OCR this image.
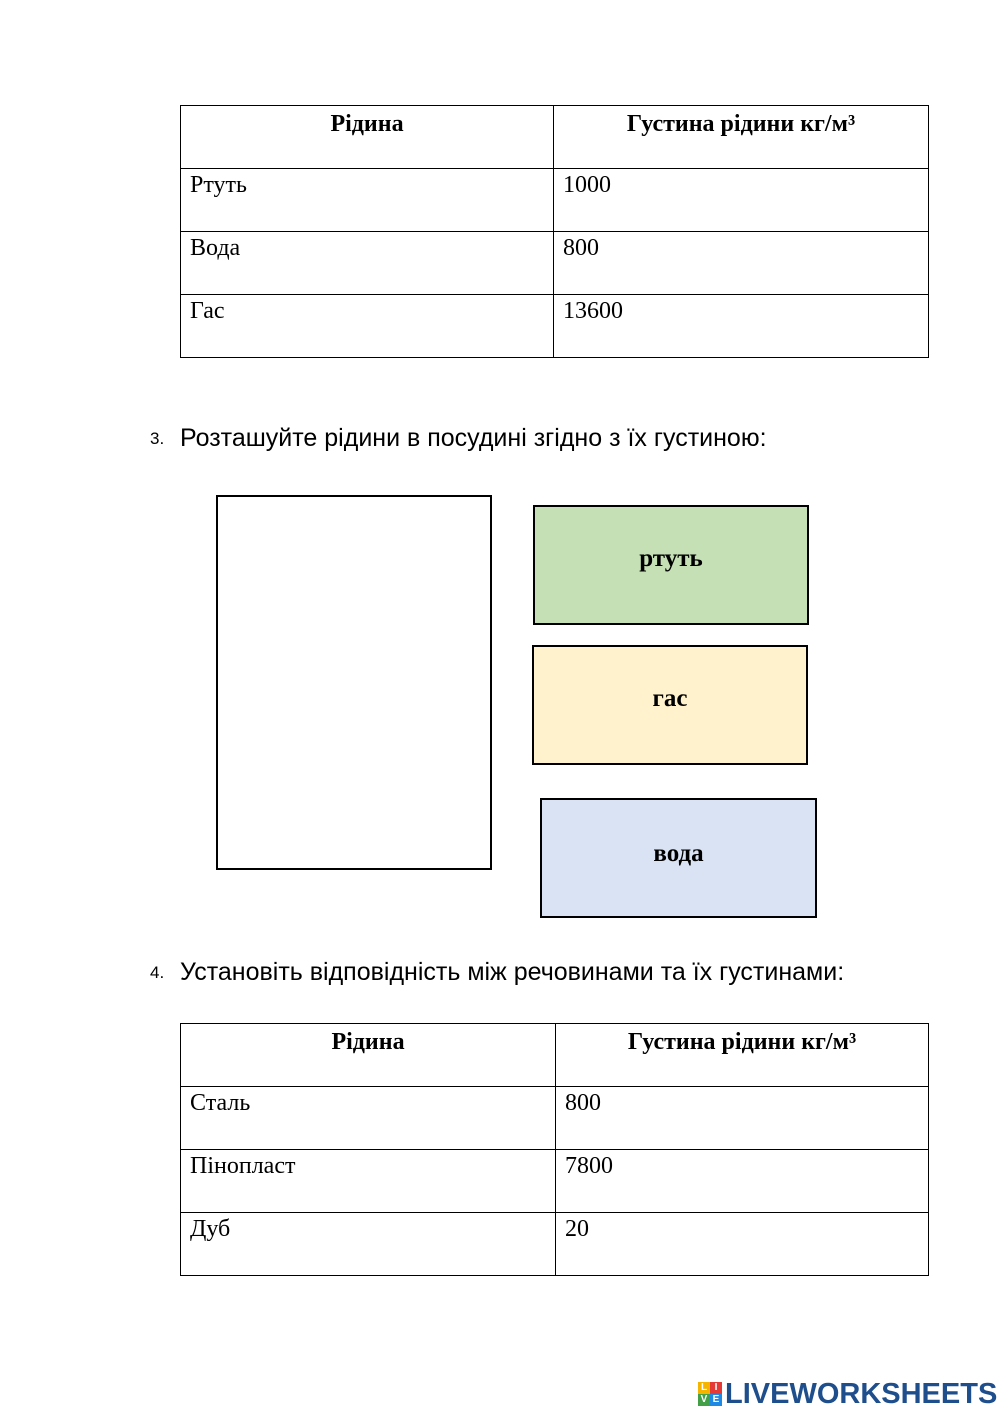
Рідина	Густина рідини кг/м³
Ртуть	1000
Вода	800
Гас	13600
3. Розташуйте рідини в посудині згідно з їх густиною:
ртуть
гас
вода
4. Установіть відповідність між речовинами та їх густинами:
Рідина	Густина рідини кг/м³
Сталь	800
Пінопласт	7800
Дуб	20
L I
V E LIVEWORKSHEETS
